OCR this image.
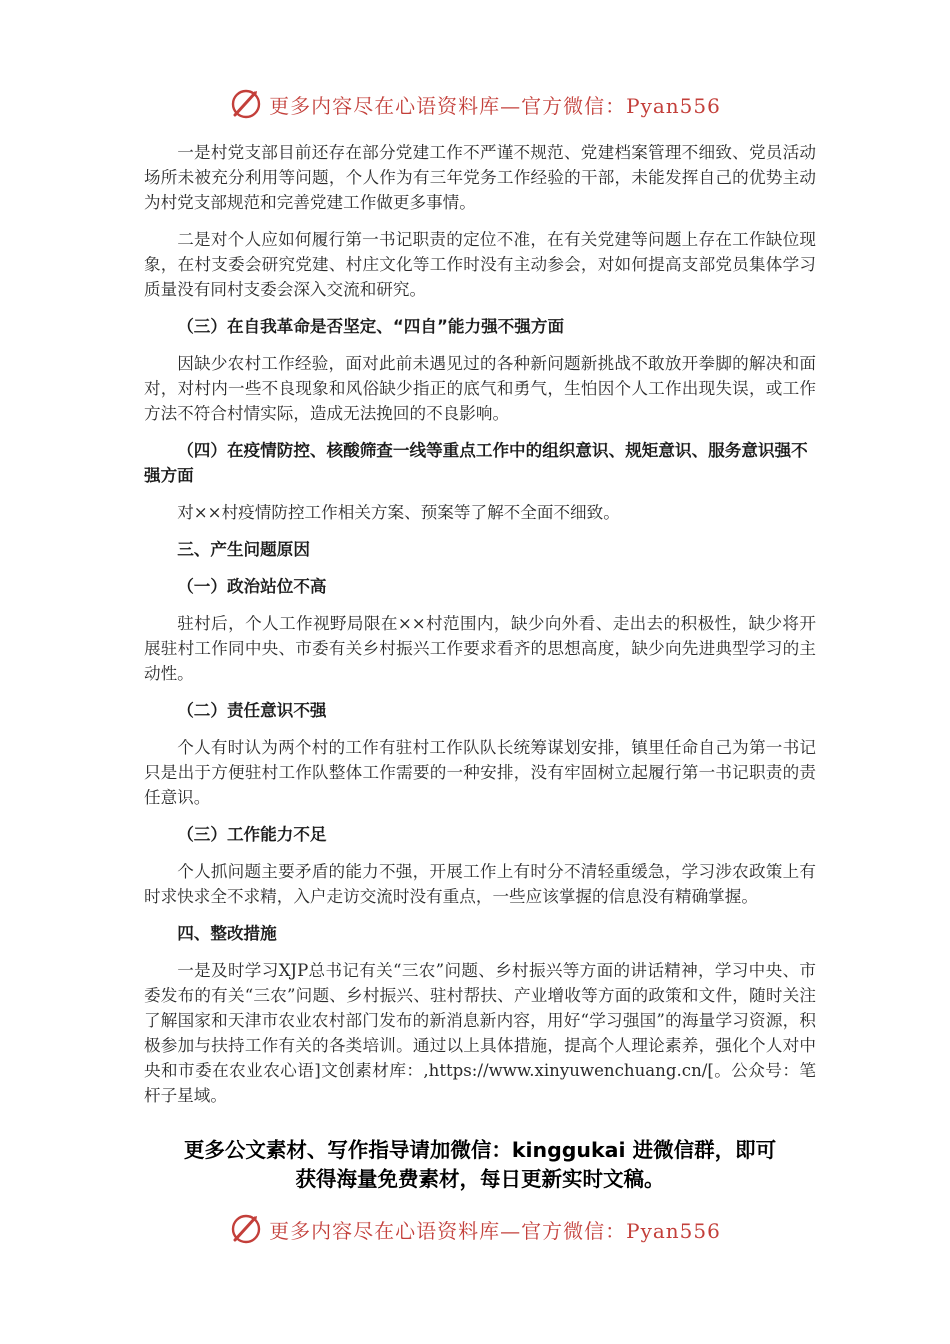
更多内容尽在心语资料库—官方微信：Pyan556

一是村党支部目前还存在部分党建工作不严谨不规范、党建档案管理不细致、党员活动场所未被充分利用等问题，个人作为有三年党务工作经验的干部，未能发挥自己的优势主动为村党支部规范和完善党建工作做更多事情。

二是对个人应如何履行第一书记职责的定位不准，在有关党建等问题上存在工作缺位现象，在村支委会研究党建、村庄文化等工作时没有主动参会，对如何提高支部党员集体学习质量没有同村支委会深入交流和研究。

（三）在自我革命是否坚定、“四自”能力强不强方面

因缺少农村工作经验，面对此前未遇见过的各种新问题新挑战不敢放开拳脚的解决和面对，对村内一些不良现象和风俗缺少指正的底气和勇气，生怕因个人工作出现失误，或工作方法不符合村情实际，造成无法挽回的不良影响。

（四）在疫情防控、核酸筛查一线等重点工作中的组织意识、规矩意识、服务意识强不强方面

对××村疫情防控工作相关方案、预案等了解不全面不细致。

三、产生问题原因

（一）政治站位不高

驻村后，个人工作视野局限在××村范围内，缺少向外看、走出去的积极性，缺少将开展驻村工作同中央、市委有关乡村振兴工作要求看齐的思想高度，缺少向先进典型学习的主动性。

（二）责任意识不强

个人有时认为两个村的工作有驻村工作队队长统筹谋划安排，镇里任命自己为第一书记只是出于方便驻村工作队整体工作需要的一种安排，没有牢固树立起履行第一书记职责的责任意识。

（三）工作能力不足

个人抓问题主要矛盾的能力不强，开展工作上有时分不清轻重缓急，学习涉农政策上有时求快求全不求精，入户走访交流时没有重点，一些应该掌握的信息没有精确掌握。

四、整改措施

一是及时学习XJP总书记有关“三农”问题、乡村振兴等方面的讲话精神，学习中央、市委发布的有关“三农”问题、乡村振兴、驻村帮扶、产业增收等方面的政策和文件，随时关注了解国家和天津市农业农村部门发布的新消息新内容，用好“学习强国”的海量学习资源，积极参加与扶持工作有关的各类培训。通过以上具体措施，提高个人理论素养，强化个人对中央和市委在农业农心语]文创素材库：,https://www.xinyuwenchuang.cn/[。公众号：笔杆子星域。

更多公文素材、写作指导请加微信：kinggukai 进微信群，即可
获得海量免费素材，每日更新实时文稿。
更多内容尽在心语资料库—官方微信：Pyan556
